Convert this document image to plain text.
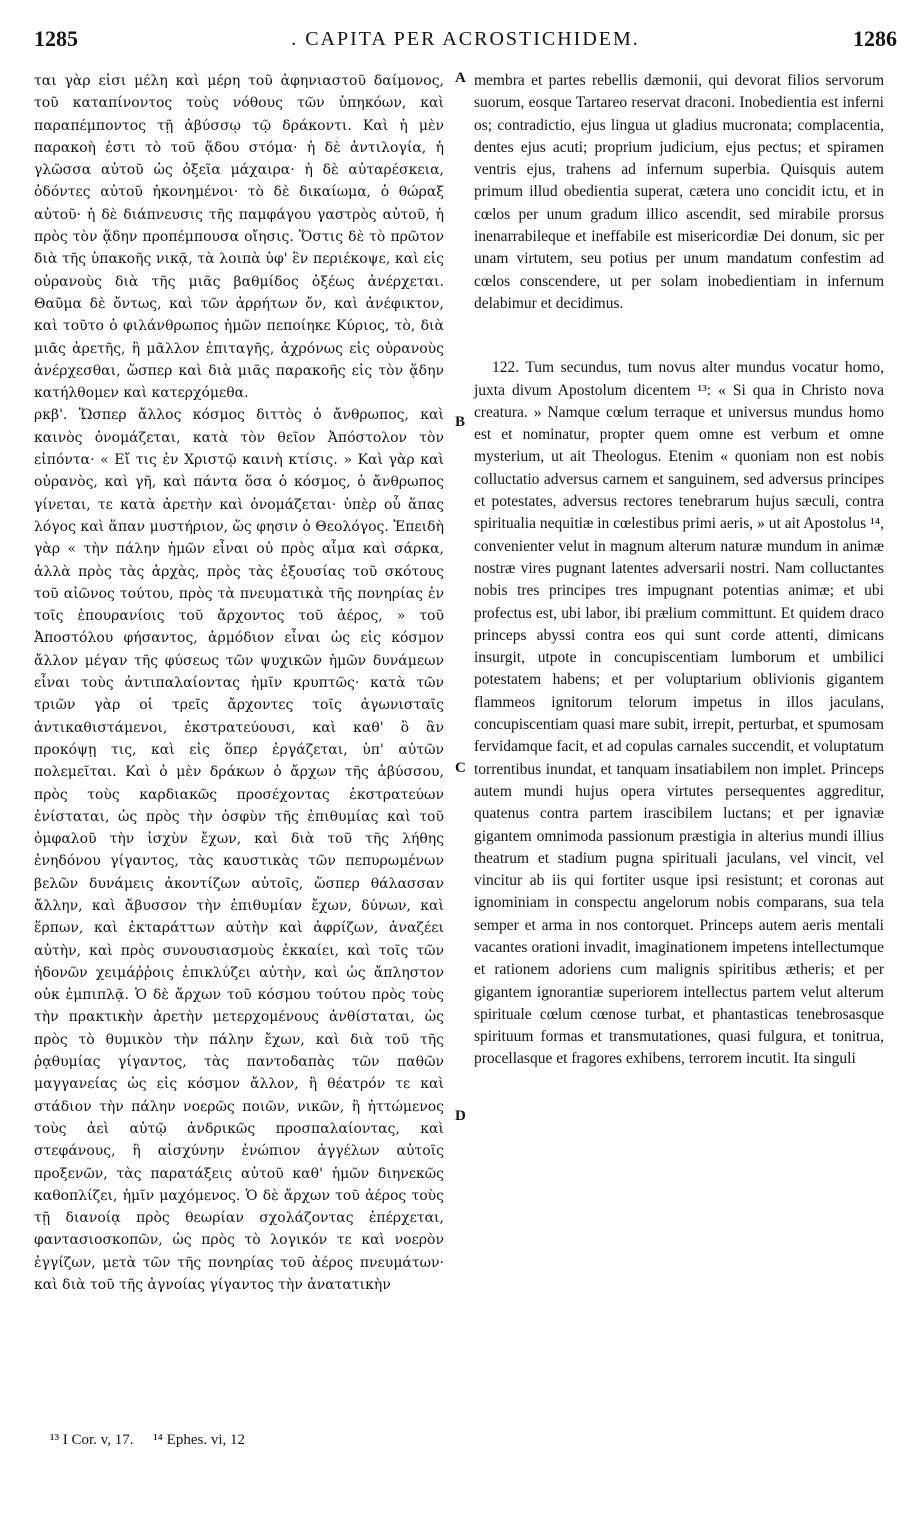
1285	. CAPITA PER ACROSTICHIDEM.	1286

ται γὰρ εἰσι μέλη καὶ μέρη τοῦ ἀφηνιαστοῦ δαίμονος, τοῦ καταπίνοντος τοὺς νόθους τῶν ὑπηκόων, καὶ παραπέμποντος τῇ ἀβύσσῳ τῷ δράκοντι. Καὶ ἡ μὲν παρακοὴ ἐστι τὸ τοῦ ᾅδου στόμα· ἡ δὲ ἀντιλογία, ἡ γλῶσσα αὐτοῦ ὡς ὀξεῖα μάχαιρα· ἡ δὲ αὐταρέσκεια, ὀδόντες αὐτοῦ ἠκονημένοι· τὸ δὲ δικαίωμα, ὁ θώραξ αὐτοῦ· ἡ δὲ διάπνευσις τῆς παμφάγου γαστρὸς αὐτοῦ, ἡ πρὸς τὸν ᾅδην προπέμπουσα οἴησις. Ὅστις δὲ τὸ πρῶτον διὰ τῆς ὑπακοῆς νικᾷ, τὰ λοιπὰ ὑφ' ἓν περιέκοψε, καὶ εἰς οὐρανοὺς διὰ τῆς μιᾶς βαθμίδος ὀξέως ἀνέρχεται. Θαῦμα δὲ ὄντως, καὶ τῶν ἀρρήτων ὄν, καὶ ἀνέφικτον, καὶ τοῦτο ὁ φιλάνθρωπος ἡμῶν πεποίηκε Κύριος, τὸ, διὰ μιᾶς ἀρετῆς, ἢ μᾶλλον ἐπιταγῆς, ἀχρόνως εἰς οὐρανοὺς ἀνέρχεσθαι, ὥσπερ καὶ διὰ μιᾶς παρακοῆς εἰς τὸν ᾅδην κατήλθομεν καὶ κατερχόμεθα.

ρκβ'. Ὥσπερ ἄλλος κόσμος διττὸς ὁ ἄνθρωπος, καὶ καινὸς ὀνομάζεται, κατὰ τὸν θεῖον Ἀπόστολον τὸν εἰπόντα· « Εἴ τις ἐν Χριστῷ καινὴ κτίσις. » Καὶ γὰρ καὶ οὐρανὸς, καὶ γῆ, καὶ πάντα ὅσα ὁ κόσμος, ὁ ἄνθρωπος γίνεται, τε κατὰ ἀρετὴν καὶ ὀνομάζεται· ὑπὲρ οὗ ἅπας λόγος καὶ ἅπαν μυστήριον, ὥς φησιν ὁ Θεολόγος. Ἐπειδὴ γὰρ « τὴν πάλην ἡμῶν εἶναι οὐ πρὸς αἷμα καὶ σάρκα, ἀλλὰ πρὸς τὰς ἀρχὰς, πρὸς τὰς ἐξουσίας τοῦ σκότους τοῦ αἰῶνος τούτου, πρὸς τὰ πνευματικὰ τῆς πονηρίας ἐν τοῖς ἐπουρανίοις τοῦ ἄρχοντος τοῦ ἀέρος, » τοῦ Ἀποστόλου φήσαντος, ἁρμόδιον εἶναι ὡς εἰς κόσμον ἄλλον μέγαν τῆς φύσεως τῶν ψυχικῶν ἡμῶν δυνάμεων εἶναι τοὺς ἀντιπαλαίοντας ἡμῖν κρυπτῶς· κατὰ τῶν τριῶν γὰρ οἱ τρεῖς ἄρχοντες τοῖς ἀγωνισταῖς ἀντικαθιστάμενοι, ἐκστρατεύουσι, καὶ καθ' ὃ ἂν προκόψῃ τις, καὶ εἰς ὅπερ ἐργάζεται, ὑπ' αὐτῶν πολεμεῖται. Καὶ ὁ μὲν δράκων ὁ ἄρχων τῆς ἀβύσσου, πρὸς τοὺς καρδιακῶς προσέχοντας ἐκστρατεύων ἐνίσταται, ὡς πρὸς τὴν ὀσφὺν τῆς ἐπιθυμίας καὶ τοῦ ὀμφαλοῦ τὴν ἰσχὺν ἔχων, καὶ διὰ τοῦ τῆς λήθης ἐνηδόνου γίγαντος, τὰς καυστικὰς τῶν πεπυρωμένων βελῶν δυνάμεις ἀκοντίζων αὐτοῖς, ὥσπερ θάλασσαν ἄλλην, καὶ ἄβυσσον τὴν ἐπιθυμίαν ἔχων, δύνων, καὶ ἕρπων, καὶ ἐκταράττων αὐτὴν καὶ ἀφρίζων, ἀναζέει αὐτὴν, καὶ πρὸς συνουσιασμοὺς ἐκκαίει, καὶ τοῖς τῶν ἡδονῶν χειμάῤῥοις ἐπικλύζει αὐτὴν, καὶ ὡς ἄπληστον οὐκ ἐμπιπλᾷ. Ὁ δὲ ἄρχων τοῦ κόσμου τούτου πρὸς τοὺς τὴν πρακτικὴν ἀρετὴν μετερχομένους ἀνθίσταται, ὡς πρὸς τὸ θυμικὸν τὴν πάλην ἔχων, καὶ διὰ τοῦ τῆς ῥᾳθυμίας γίγαντος, τὰς παντοδαπὰς τῶν παθῶν μαγγανείας ὡς εἰς κόσμον ἄλλον, ἢ θέατρόν τε καὶ στάδιον τὴν πάλην νοερῶς ποιῶν, νικῶν, ἢ ἡττώμενος τοὺς ἀεὶ αὐτῷ ἀνδρικῶς προσπαλαίοντας, καὶ στεφάνους, ἢ αἰσχύνην ἐνώπιον ἀγγέλων αὐτοῖς προξενῶν, τὰς παρατάξεις αὐτοῦ καθ' ἡμῶν διηνεκῶς καθοπλίζει, ἡμῖν μαχόμενος. Ὁ δὲ ἄρχων τοῦ ἀέρος τοὺς τῇ διανοίᾳ πρὸς θεωρίαν σχολάζοντας ἐπέρχεται, φαντασιοσκοπῶν, ὡς πρὸς τὸ λογικόν τε καὶ νοερὸν ἐγγίζων, μετὰ τῶν τῆς πονηρίας τοῦ ἀέρος πνευμάτων· καὶ διὰ τοῦ τῆς ἀγνοίας γίγαντος τὴν ἀνατατικὴν

membra et partes rebellis dæmonii, qui devorat filios servorum suorum, eosque Tartareo reservat draconi. Inobedientia est inferni os; contradictio, ejus lingua ut gladius mucronata; complacentia, dentes ejus acuti; proprium judicium, ejus pectus; et spiramen ventris ejus, trahens ad infernum superbia. Quisquis autem primum illud obedientia superat, cætera uno concidit ictu, et in cœlos per unum gradum illico ascendit, sed mirabile prorsus inenarrabileque et ineffabile est misericordiæ Dei donum, sic per unam virtutem, seu potius per unum mandatum confestim ad cœlos conscendere, ut per solam inobedientiam in infernum delabimur et decidimus.

122. Tum secundus, tum novus alter mundus vocatur homo, juxta divum Apostolum dicentem ¹³: « Si qua in Christo nova creatura. » Namque cœlum terraque et universus mundus homo est et nominatur, propter quem omne est verbum et omne mysterium, ut ait Theologus. Etenim « quoniam non est nobis colluctatio adversus carnem et sanguinem, sed adversus principes et potestates, adversus rectores tenebrarum hujus sæculi, contra spiritualia nequitiæ in cœlestibus primi aeris, » ut ait Apostolus ¹⁴, convenienter velut in magnum alterum naturæ mundum in animæ nostræ vires pugnant latentes adversarii nostri. Nam colluctantes nobis tres principes tres impugnant potentias animæ; et ubi profectus est, ubi labor, ibi prælium committunt. Et quidem draco princeps abyssi contra eos qui sunt corde attenti, dimicans insurgit, utpote in concupiscentiam lumborum et umbilici potestatem habens; et per voluptarium oblivionis gigantem flammeos ignitorum telorum impetus in illos jaculans, concupiscentiam quasi mare subit, irrepit, perturbat, et spumosam fervidamque facit, et ad copulas carnales succendit, et voluptatum torrentibus inundat, et tanquam insatiabilem non implet. Princeps autem mundi hujus opera virtutes persequentes aggreditur, quatenus contra partem irascibilem luctans; et per ignaviæ gigantem omnimoda passionum præstigia in alterius mundi illius theatrum et stadium pugna spirituali jaculans, vel vincit, vel vincitur ab iis qui fortiter usque ipsi resistunt; et coronas aut ignominiam in conspectu angelorum nobis comparans, sua tela semper et arma in nos contorquet. Princeps autem aeris mentali vacantes orationi invadit, imaginationem impetens intellectumque et rationem adoriens cum malignis spiritibus ætheris; et per gigantem ignorantiæ superiorem intellectus partem velut alterum spirituale cœlum cœnose turbat, et phantasticas tenebrosasque spirituum formas et transmutationes, quasi fulgura, et tonitrua, procellasque et fragores exhibens, terrorem incutit. Ita singuli

A
B
C
D
¹³ I Cor. v, 17. ¹⁴ Ephes. vi, 12
